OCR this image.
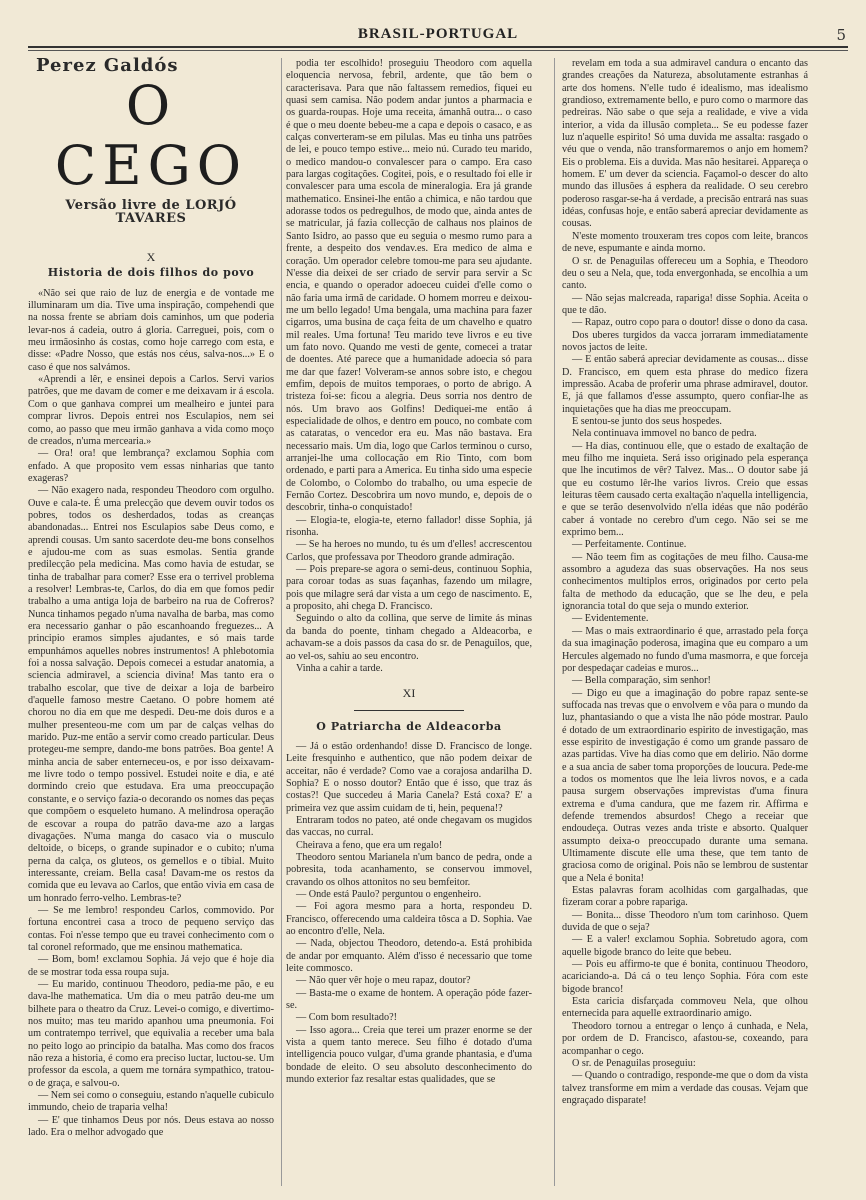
BRASIL-PORTUGAL	5
Perez Galdós
O CEGO
Versão livre de LORJÓ TAVARES
X
Historia de dois filhos do povo

«Não sei que raio de luz de energia e de vontade me illuminaram um dia. Tive uma inspiração, compehendi que na nossa frente se abriam dois caminhos, um que poderia levar-nos á cadeia, outro á gloria. Carreguei, pois, com o meu irmãosinho ás costas, como hoje carrego com esta, e disse: «Padre Nosso, que estás nos céus, salva-nos...» E o caso é que nos salvámos.

«Aprendi a lêr, e ensinei depois a Carlos. Servi varios patrões, que me davam de comer e me deixavam ir á escola. Com o que ganhava comprei um mealheiro e juntei para comprar livros. Depois entrei nos Esculapios, nem sei como, ao passo que meu irmão ganhava a vida como moço de creados, n'uma mercearia.»

— Ora! ora! que lembrança? exclamou Sophia com enfado. A que proposito vem essas ninharias que tanto exageras?

— Não exagero nada, respondeu Theodoro com orgulho. Ouve e cala-te. É uma prelecção que devem ouvir todos os pobres, todos os desherdados, todas as creanças abandonadas... Entrei nos Esculapios sabe Deus como, e aprendi cousas. Um santo sacerdote deu-me bons conselhos e ajudou-me com as suas esmolas. Sentia grande predilecção pela medicina. Mas como havia de estudar, se tinha de trabalhar para comer? Esse era o terrivel problema a resolver! Lembras-te, Carlos, do dia em que fomos pedir trabalho a uma antiga loja de barbeiro na rua de Cofreros? Nunca tinhamos pegado n'uma navalha de barba, mas como era necessario ganhar o pão escanhoando freguezes... A principio eramos simples ajudantes, e só mais tarde empunhámos aquelles nobres instrumentos! A phlebotomia foi a nossa salvação. Depois comecei a estudar anatomia, a sciencia admiravel, a sciencia divina! Mas tanto era o trabalho escolar, que tive de deixar a loja de barbeiro d'aquelle famoso mestre Caetano. O pobre homem até chorou no dia em que me despedi. Deu-me dois duros e a mulher presenteou-me com um par de calças velhas do marido. Puz-me então a servir como creado particular. Deus protegeu-me sempre, dando-me bons patrões. Boa gente! A minha ancia de saber enterneceu-os, e por isso deixavam-me livre todo o tempo possivel. Estudei noite e dia, e até dormindo creio que estudava. Era uma preoccupação constante, e o serviço fazia-o decorando os nomes das peças que compõem o esqueleto humano. A melindrosa operação de escovar a roupa do patrão dava-me azo a largas divagações. N'uma manga do casaco via o musculo deltoide, o biceps, o grande supinador e o cubito; n'uma perna da calça, os gluteos, os gemellos e o tibial. Muito interessante, creiam. Bella casa! Davam-me os restos da comida que eu levava ao Carlos, que então vivia em casa de um honrado ferro-velho. Lembras-te?

— Se me lembro! respondeu Carlos, commovido. Por fortuna encontrei casa a troco de pequeno serviço das contas. Foi n'esse tempo que eu travei conhecimento com o tal coronel reformado, que me ensinou mathematica.

— Bom, bom! exclamou Sophia. Já vejo que é hoje dia de se mostrar toda essa roupa suja.

— Eu marido, continuou Theodoro, pedia-me pão, e eu dava-lhe mathematica. Um dia o meu patrão deu-me um bilhete para o theatro da Cruz. Levei-o comigo, e divertimo-nos muito; mas teu marido apanhou uma pneumonia. Foi um contratempo terrivel, que equivalia a receber uma bala no peito logo ao principio da batalha. Mas como dos fracos não reza a historia, é como era preciso luctar, luctou-se. Um professor da escola, a quem me tornára sympathico, tratou-o de graça, e salvou-o.

— Nem sei como o conseguiu, estando n'aquelle cubiculo immundo, cheio de traparia velha!

— E' que tinhamos Deus por nós. Deus estava ao nosso lado. Era o melhor advogado que

podia ter escolhido! proseguiu Theodoro com aquella eloquencia nervosa, febril, ardente, que tão bem o caracterisava. Para que não faltassem remedios, fiquei eu quasi sem camisa. Não podem andar juntos a pharmacia e os guarda-roupas. Hoje uma receita, ámanhã outra... o caso é que o meu doente bebeu-me a capa e depois o casaco, e as calças converteram-se em pilulas. Mas eu tinha uns patrões de lei, e pouco tempo estive... meio nú. Curado teu marido, o medico mandou-o convalescer para o campo. Era caso para largas cogitações. Cogitei, pois, e o resultado foi elle ir convalescer para uma escola de mineralogia. Era já grande mathematico. Ensinei-lhe então a chimica, e não tardou que adorasse todos os pedregulhos, de modo que, ainda antes de se matricular, já fazia collecção de calhaus nos plainos de Santo Isidro, ao passo que eu seguia o mesmo rumo para a frente, a despeito dos vendav.es. Era medico de alma e coração. Um operador celebre tomou-me para seu ajudante. N'esse dia deixei de ser criado de servir para servir a Sc encia, e quando o operador adoeceu cuidei d'elle como o não faria uma irmã de caridade. O homem morreu e deixou-me um bello legado! Uma bengala, uma machina para fazer cigarros, uma busina de caça feita de um chavelho e quatro mil reales. Uma fortuna! Teu marido teve livros e eu tive um fato novo. Quando me vesti de gente, comecei a tratar de doentes. Até parece que a humanidade adoecia só para me dar que fazer! Volveram-se annos sobre isto, e chegou emfim, depois de muitos temporaes, o porto de abrigo. A tristeza foi-se: ficou a alegria. Deus sorria nos dentro de nós. Um bravo aos Golfins! Dediquei-me então á especialidade de olhos, e dentro em pouco, no combate com as cataratas, o vencedor era eu. Mas não bastava. Era necessario mais. Um dia, logo que Carlos terminou o curso, arranjei-lhe uma collocação em Rio Tinto, com bom ordenado, e parti para a America. Eu tinha sido uma especie de Colombo, o Colombo do trabalho, ou uma especie de Fernão Cortez. Descobrira um novo mundo, e, depois de o descobrir, tinha-o conquistado!

— Elogia-te, elogia-te, eterno fallador! disse Sophia, já risonha.

— Se ha heroes no mundo, tu és um d'elles! accrescentou Carlos, que professava por Theodoro grande admiração.

— Pois prepare-se agora o semi-deus, continuou Sophia, para coroar todas as suas façanhas, fazendo um milagre, pois que milagre será dar vista a um cego de nascimento. E, a proposito, ahi chega D. Francisco.

Seguindo o alto da collina, que serve de limite ás minas da banda do poente, tinham chegado a Aldeacorba, e achavam-se a dois passos da casa do sr. de Penaguilos, que, ao vel-os, sahiu ao seu encontro.

Vinha a cahir a tarde.

XI
O Patriarcha de Aldeacorba

— Já o estão ordenhando! disse D. Francisco de longe. Leite fresquinho e authentico, que não podem deixar de acceitar, não é verdade? Como vae a corajosa andarilha D. Sophia? E o nosso doutor? Então que é isso, que traz ás costas?! Que succedeu á Maria Canela? Está coxa? E' a primeira vez que assim cuidam de ti, hein, pequena!?

Entraram todos no pateo, até onde chegavam os mugidos das vaccas, no curral.

Cheirava a feno, que era um regalo!

Theodoro sentou Marianela n'um banco de pedra, onde a pobresita, toda acanhamento, se conservou immovel, cravando os olhos attonitos no seu bemfeitor.

— Onde está Paulo? perguntou o engenheiro.

— Foi agora mesmo para a horta, respondeu D. Francisco, offerecendo uma caldeira tôsca a D. Sophia. Vae ao encontro d'elle, Nela.

— Nada, objectou Theodoro, detendo-a. Está prohibida de andar por emquanto. Além d'isso é necessario que tome leite commosco.

— Não quer vêr hoje o meu rapaz, doutor?

— Basta-me o exame de hontem. A operação póde fazer-se.

— Com bom resultado?!

— Isso agora... Creia que terei um prazer enorme se der vista a quem tanto merece. Seu filho é dotado d'uma intelligencia pouco vulgar, d'uma grande phantasia, e d'uma bondade de eleito. O seu absoluto desconhecimento do mundo exterior faz resaltar estas qualidades, que se

revelam em toda a sua admiravel candura o encanto das grandes creações da Natureza, absolutamente estranhas á arte dos homens. N'elle tudo é idealismo, mas idealismo grandioso, extremamente bello, e puro como o marmore das pedreiras. Não sabe o que seja a realidade, e vive a vida interior, a vida da illusão completa... Se eu podesse fazer luz n'aquelle espirito! Só uma duvida me assalta: rasgado o véu que o venda, não transformaremos o anjo em homem? Eis o problema. Eis a duvida. Mas não hesitarei. Appareça o homem. E' um dever da sciencia. Façamol-o descer do alto mundo das illusões á esphera da realidade. O seu cerebro poderoso rasgar-se-ha á verdade, a precisão entrará nas suas idéas, confusas hoje, e então saberá apreciar devidamente as cousas.

N'este momento trouxeram tres copos com leite, brancos de neve, espumante e ainda morno.

O sr. de Penaguilas offereceu um a Sophia, e Theodoro deu o seu a Nela, que, toda envergonhada, se encolhia a um canto.

— Não sejas malcreada, rapariga! disse Sophia. Aceita o que te dão.

— Rapaz, outro copo para o doutor! disse o dono da casa.

Dos uberes turgidos da vacca jorraram immediatamente novos jactos de leite.

— E então saberá apreciar devidamente as cousas... disse D. Francisco, em quem esta phrase do medico fizera impressão. Acaba de proferir uma phrase admiravel, doutor. E, já que fallamos d'esse assumpto, quero confiar-lhe as inquietações que ha dias me preoccupam.

E sentou-se junto dos seus hospedes.

Nela continuava immovel no banco de pedra.

— Ha dias, continuou elle, que o estado de exaltação de meu filho me inquieta. Será isso originado pela esperança que lhe incutimos de vêr? Talvez. Mas... O doutor sabe já que eu costumo lêr-lhe varios livros. Creio que essas leituras têem causado certa exaltação n'aquella intelligencia, e que se terão desenvolvido n'ella idéas que não podérão caber á vontade no cerebro d'um cego. Não sei se me exprimo bem...

— Perfeitamente. Continue.

— Não teem fim as cogitações de meu filho. Causa-me assombro a agudeza das suas observações. Ha nos seus conhecimentos multiplos erros, originados por certo pela falta de methodo da educação, que se lhe deu, e pela ignorancia total do que seja o mundo exterior.

— Evidentemente.

— Mas o mais extraordinario é que, arrastado pela força da sua imaginação poderosa, imagina que eu comparo a um Hercules algemado no fundo d'uma masmorra, e que forceja por despedaçar cadeias e muros...

— Bella comparação, sim senhor!

— Digo eu que a imaginação do pobre rapaz sente-se suffocada nas trevas que o envolvem e vôa para o mundo da luz, phantasiando o que a vista lhe não póde mostrar. Paulo é dotado de um extraordinario espirito de investigação, mas esse espirito de investigação é como um grande passaro de azas partidas. Vive ha dias como que em delirio. Não dorme e a sua ancia de saber toma proporções de loucura. Pede-me a todos os momentos que lhe leia livros novos, e a cada pausa surgem observações imprevistas d'uma finura extrema e d'uma candura, que me fazem rir. Affirma e defende tremendos absurdos! Chego a receiar que endoudeça. Outras vezes anda triste e absorto. Qualquer assumpto deixa-o preoccupado durante uma semana. Ultimamente discute elle uma these, que tem tanto de graciosa como de original. Pois não se lembrou de sustentar que a Nela é bonita!

Estas palavras foram acolhidas com gargalhadas, que fizeram corar a pobre rapariga.

— Bonita... disse Theodoro n'um tom carinhoso. Quem duvida de que o seja?

— E a valer! exclamou Sophia. Sobretudo agora, com aquelle bigode branco do leite que bebeu.

— Pois eu affirmo-te que é bonita, continuou Theodoro, acariciando-a. Dá cá o teu lenço Sophia. Fóra com este bigode branco!

Esta caricia disfarçada commoveu Nela, que olhou enternecida para aquelle extraordinario amigo.

Theodoro tornou a entregar o lenço á cunhada, e Nela, por ordem de D. Francisco, afastou-se, coxeando, para acompanhar o cego.

O sr. de Penaguilas proseguiu:

— Quando o contradigo, responde-me que o dom da vista talvez transforme em mim a verdade das cousas. Vejam que engraçado disparate!
